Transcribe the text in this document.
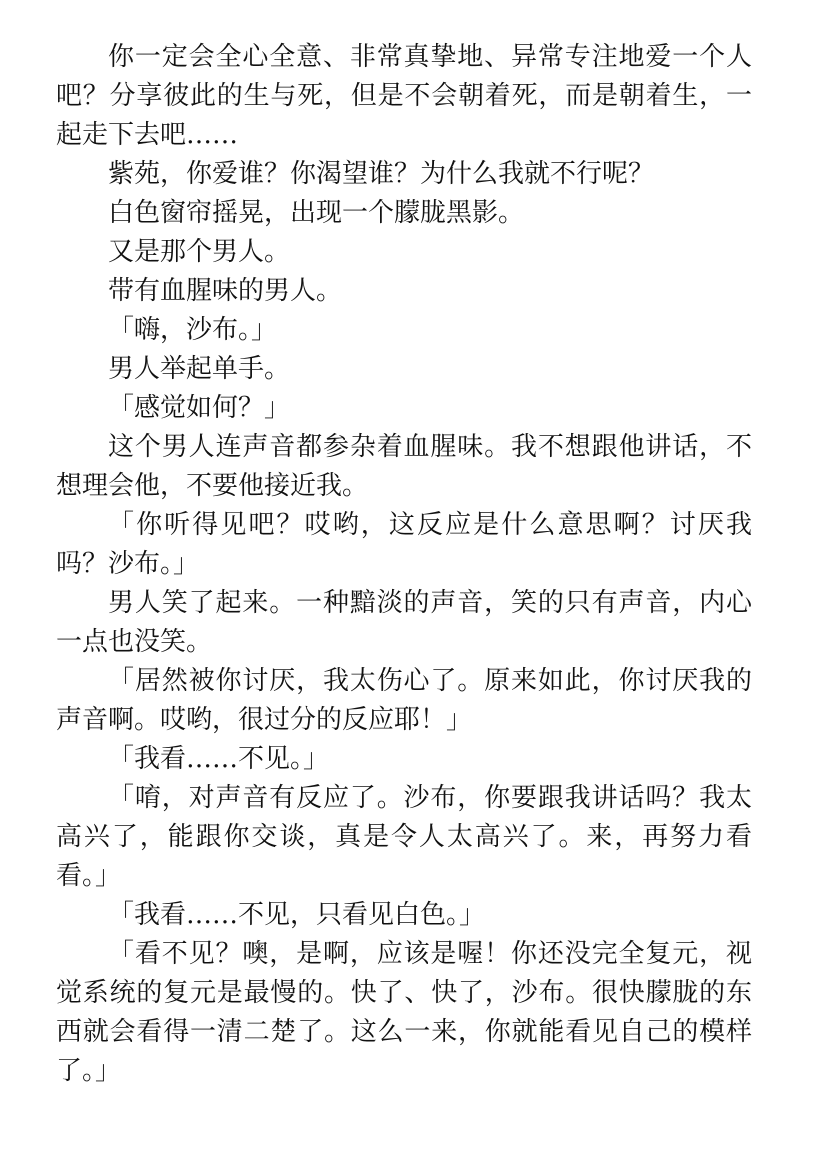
你一定会全心全意、非常真挚地、异常专注地爱一个人吧？分享彼此的生与死，但是不会朝着死，而是朝着生，一起走下去吧……

紫苑，你爱谁？你渴望谁？为什么我就不行呢？

白色窗帘摇晃，出现一个朦胧黑影。

又是那个男人。

带有血腥味的男人。

「嗨，沙布。」

男人举起单手。

「感觉如何？」

这个男人连声音都参杂着血腥味。我不想跟他讲话，不想理会他，不要他接近我。

「你听得见吧？哎哟，这反应是什么意思啊？讨厌我吗？沙布。」

男人笑了起来。一种黯淡的声音，笑的只有声音，内心一点也没笑。

「居然被你讨厌，我太伤心了。原来如此，你讨厌我的声音啊。哎哟，很过分的反应耶！」

「我看……不见。」

「唷，对声音有反应了。沙布，你要跟我讲话吗？我太高兴了，能跟你交谈，真是令人太高兴了。来，再努力看看。」

「我看……不见，只看见白色。」

「看不见？噢，是啊，应该是喔！你还没完全复元，视觉系统的复元是最慢的。快了、快了，沙布。很快朦胧的东西就会看得一清二楚了。这么一来，你就能看见自己的模样了。」
